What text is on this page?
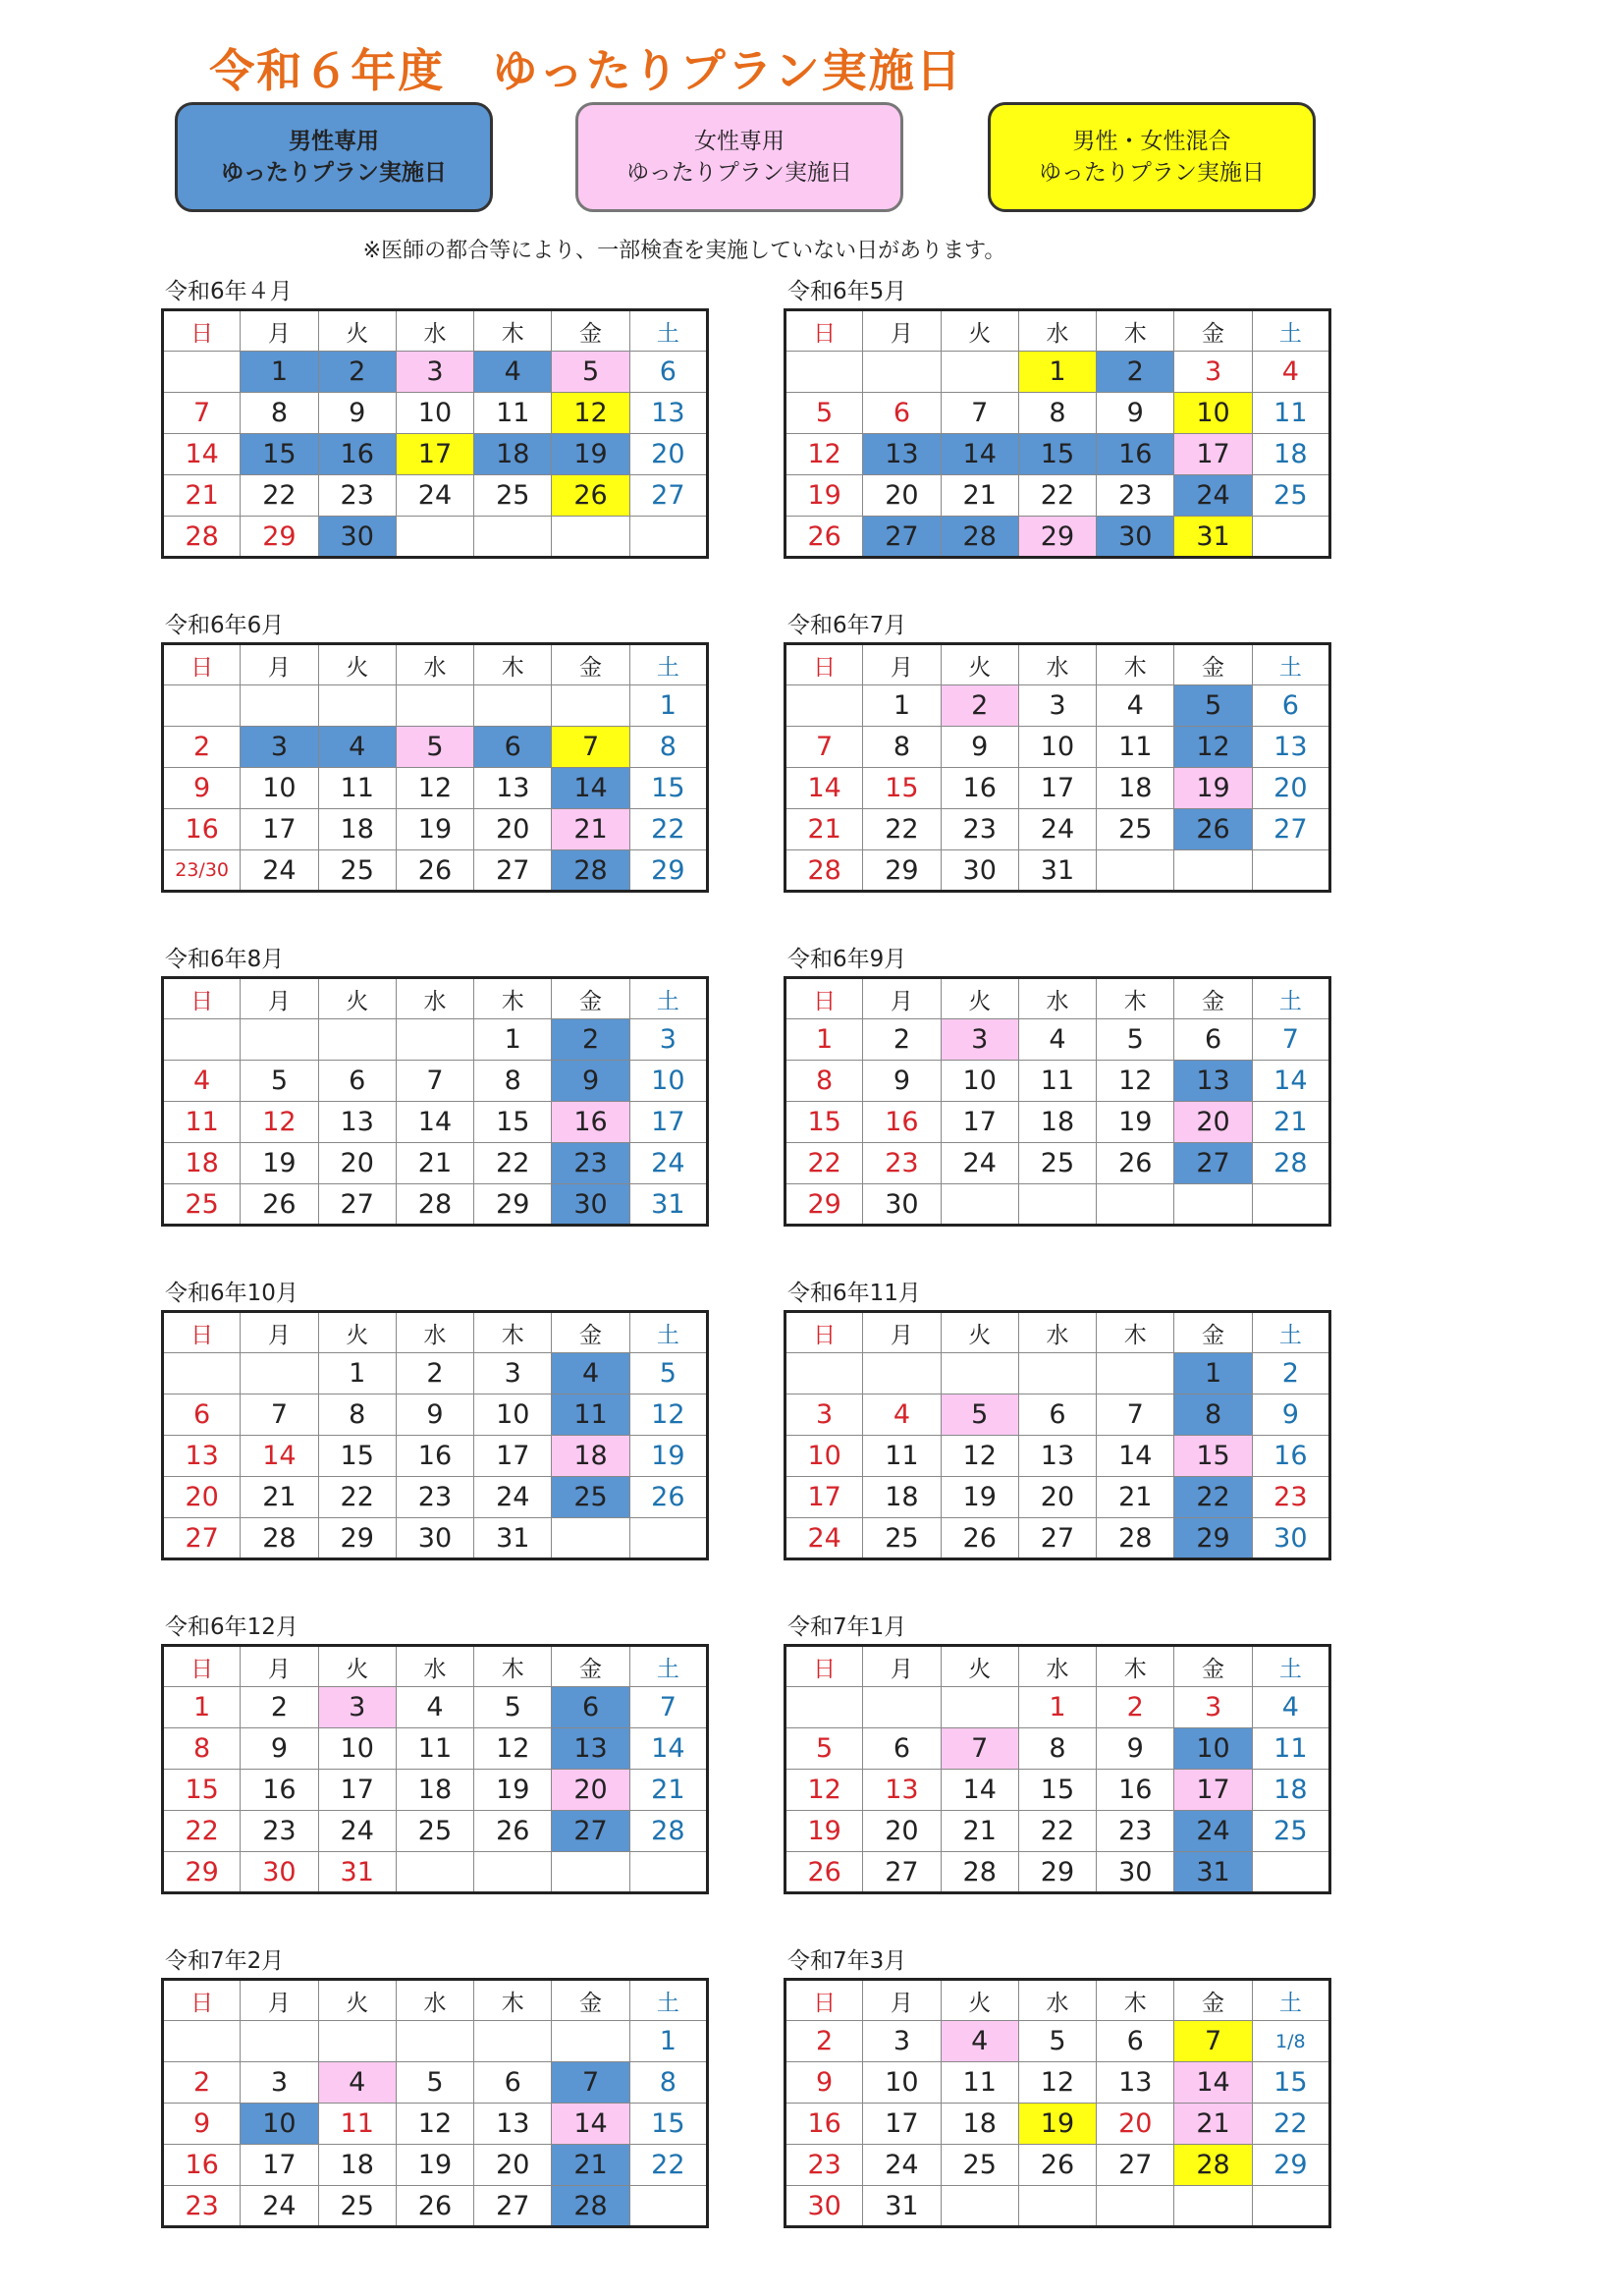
令和６年度　ゆったりプラン実施日
男性専用
ゆったりプラン実施日
女性専用
ゆったりプラン実施日
男性・女性混合
ゆったりプラン実施日
※医師の都合等により、一部検査を実施していない日があります。
令和6年４月
日	月	火	水	木	金	土
	1	2	3	4	5	6
7	8	9	10	11	12	13
14	15	16	17	18	19	20
21	22	23	24	25	26	27
28	29	30				
令和6年5月
日	月	火	水	木	金	土
			1	2	3	4
5	6	7	8	9	10	11
12	13	14	15	16	17	18
19	20	21	22	23	24	25
26	27	28	29	30	31	
令和6年6月
日	月	火	水	木	金	土
						1
2	3	4	5	6	7	8
9	10	11	12	13	14	15
16	17	18	19	20	21	22
23/30	24	25	26	27	28	29
令和6年7月
日	月	火	水	木	金	土
	1	2	3	4	5	6
7	8	9	10	11	12	13
14	15	16	17	18	19	20
21	22	23	24	25	26	27
28	29	30	31			
令和6年8月
日	月	火	水	木	金	土
				1	2	3
4	5	6	7	8	9	10
11	12	13	14	15	16	17
18	19	20	21	22	23	24
25	26	27	28	29	30	31
令和6年9月
日	月	火	水	木	金	土
1	2	3	4	5	6	7
8	9	10	11	12	13	14
15	16	17	18	19	20	21
22	23	24	25	26	27	28
29	30					
令和6年10月
日	月	火	水	木	金	土
		1	2	3	4	5
6	7	8	9	10	11	12
13	14	15	16	17	18	19
20	21	22	23	24	25	26
27	28	29	30	31		
令和6年11月
日	月	火	水	木	金	土
					1	2
3	4	5	6	7	8	9
10	11	12	13	14	15	16
17	18	19	20	21	22	23
24	25	26	27	28	29	30
令和6年12月
日	月	火	水	木	金	土
1	2	3	4	5	6	7
8	9	10	11	12	13	14
15	16	17	18	19	20	21
22	23	24	25	26	27	28
29	30	31				
令和7年1月
日	月	火	水	木	金	土
			1	2	3	4
5	6	7	8	9	10	11
12	13	14	15	16	17	18
19	20	21	22	23	24	25
26	27	28	29	30	31	
令和7年2月
日	月	火	水	木	金	土
						1
2	3	4	5	6	7	8
9	10	11	12	13	14	15
16	17	18	19	20	21	22
23	24	25	26	27	28	
令和7年3月
日	月	火	水	木	金	土
2	3	4	5	6	7	1/8
9	10	11	12	13	14	15
16	17	18	19	20	21	22
23	24	25	26	27	28	29
30	31					
